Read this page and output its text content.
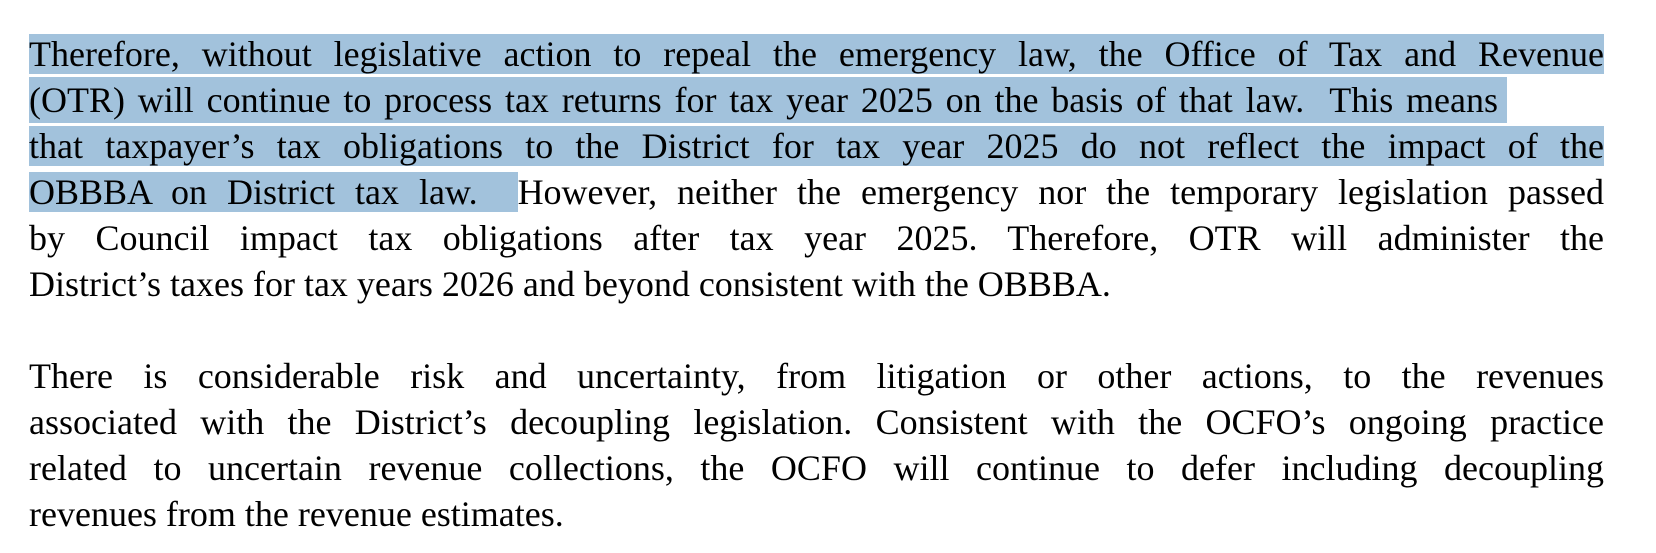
Therefore, without legislative action to repeal the emergency law, the Office of Tax and Revenue
(OTR) will continue to process tax returns for tax year 2025 on the basis of that law.  This means
that taxpayer’s tax obligations to the District for tax year 2025 do not reflect the impact of the
OBBBA on District tax law.  However, neither the emergency nor the temporary legislation passed
by Council impact tax obligations after tax year 2025. Therefore, OTR will administer the
District’s taxes for tax years 2026 and beyond consistent with the OBBBA.
There is considerable risk and uncertainty, from litigation or other actions, to the revenues
associated with the District’s decoupling legislation. Consistent with the OCFO’s ongoing practice
related to uncertain revenue collections, the OCFO will continue to defer including decoupling
revenues from the revenue estimates.
